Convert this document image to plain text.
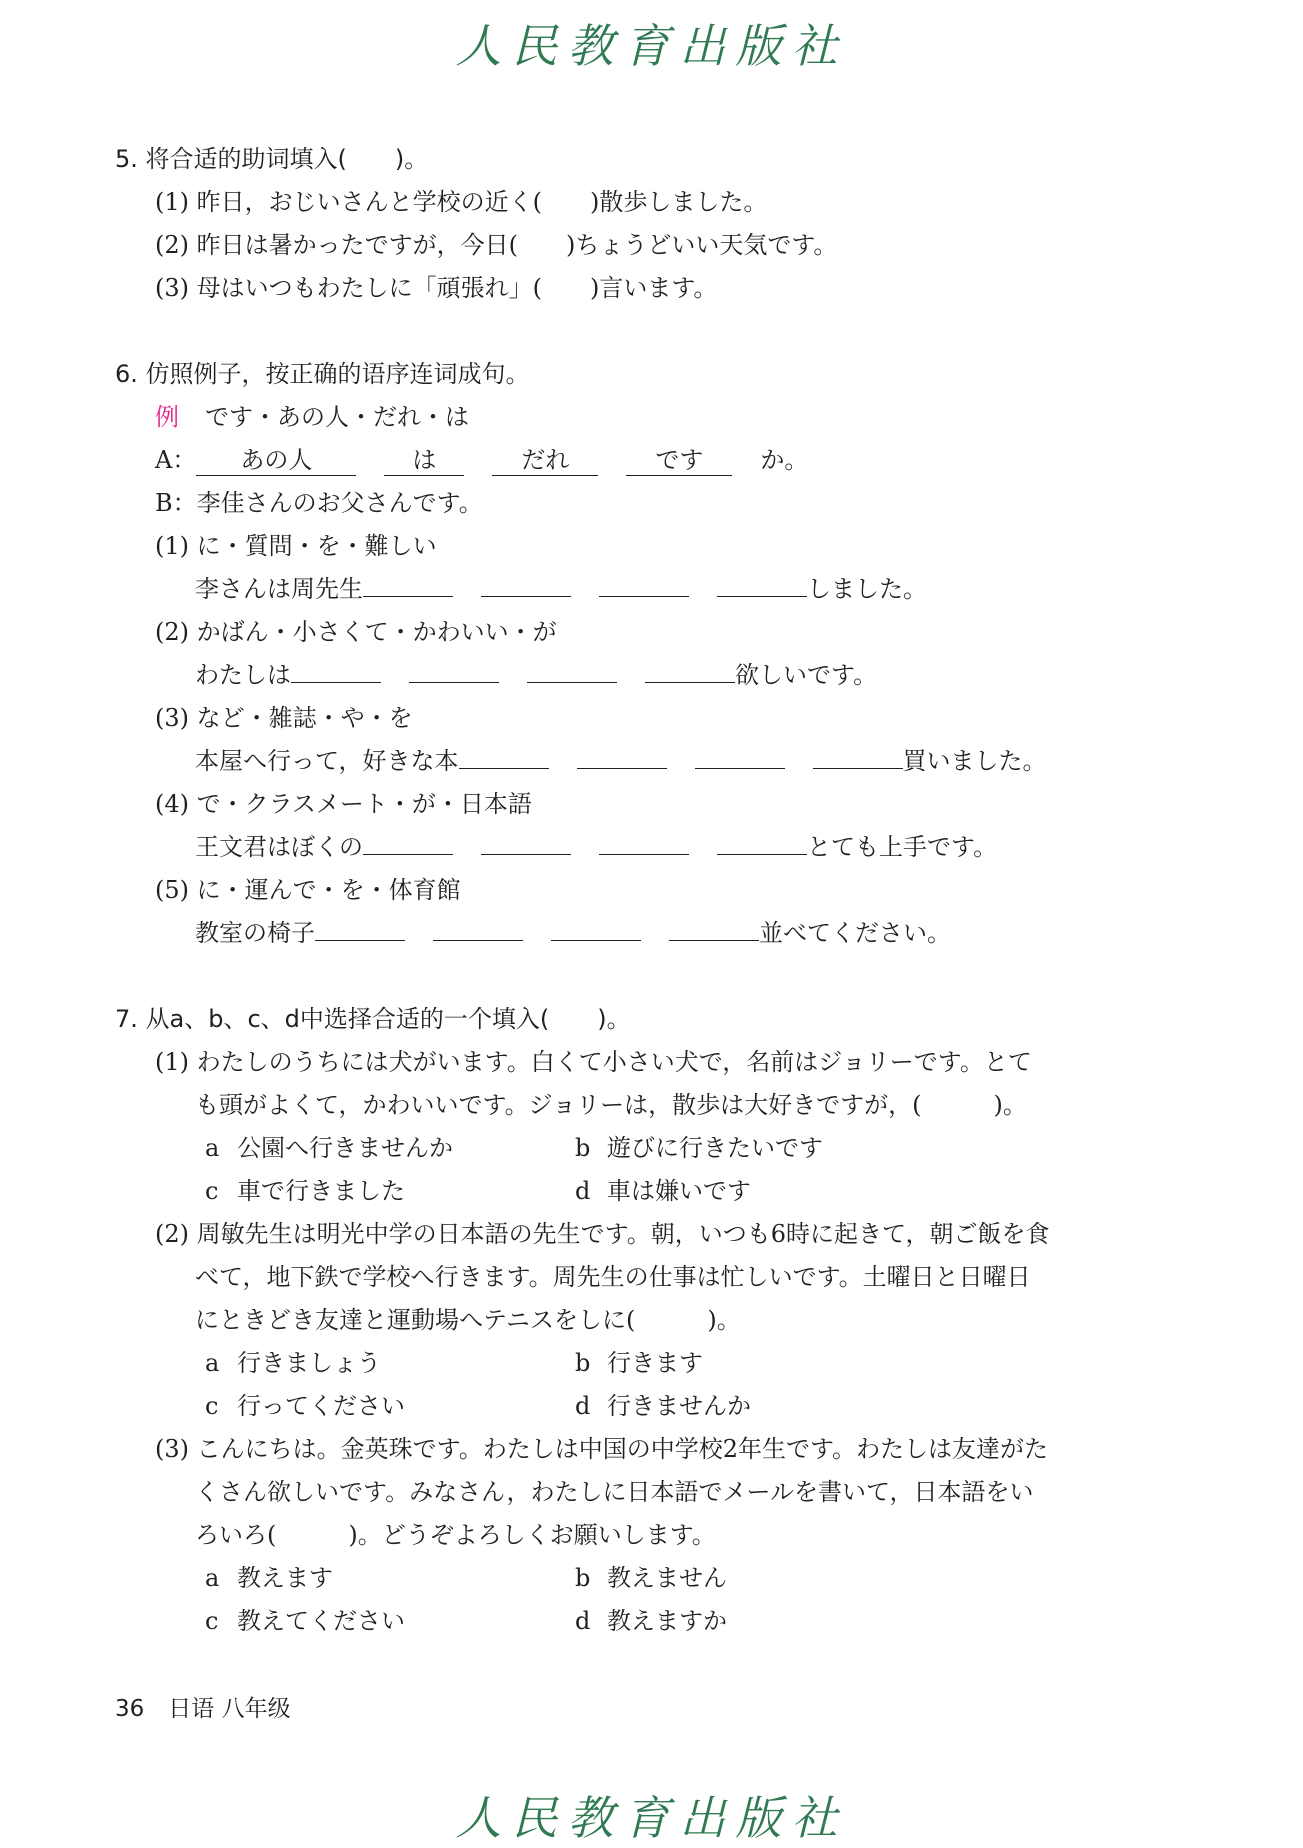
人民教育出版社
5. 将合适的助词填入(　　)。
(1) 昨日，おじいさんと学校の近く(　　)散歩しました。
(2) 昨日は暑かったですが，今日(　　)ちょうどいい天気です。
(3) 母はいつもわたしに「頑張れ」(　　)言います。
6. 仿照例子，按正确的语序连词成句。
例 です・あの人・だれ・は
A： あの人	は	だれ	です か。
B：李佳さんのお父さんです。
(1) に・質問・を・難しい
李さんは周先生	しました。
(2) かばん・小さくて・かわいい・が
わたしは	欲しいです。
(3) など・雑誌・や・を
本屋へ行って，好きな本	買いました。
(4) で・クラスメート・が・日本語
王文君はぼくの	とても上手です。
(5) に・運んで・を・体育館
教室の椅子	並べてください。
7. 从a、b、c、d中选择合适的一个填入(　　)。
(1) わたしのうちには犬がいます。白くて小さい犬で，名前はジョリーです。とて
も頭がよくて，かわいいです。ジョリーは，散歩は大好きですが，(　　　)。
a 公園へ行きませんか	b 遊びに行きたいです
c 車で行きました	d 車は嫌いです
(2) 周敏先生は明光中学の日本語の先生です。朝，いつも6時に起きて，朝ご飯を食
べて，地下鉄で学校へ行きます。周先生の仕事は忙しいです。土曜日と日曜日
にときどき友達と運動場へテニスをしに(　　　)。
a 行きましょう	b 行きます
c 行ってください	d 行きませんか
(3) こんにちは。金英珠です。わたしは中国の中学校2年生です。わたしは友達がた
くさん欲しいです。みなさん，わたしに日本語でメールを書いて，日本語をい
ろいろ(　　　)。どうぞよろしくお願いします。
a 教えます	b 教えません
c 教えてください	d 教えますか
36 日语 八年级
人民教育出版社
